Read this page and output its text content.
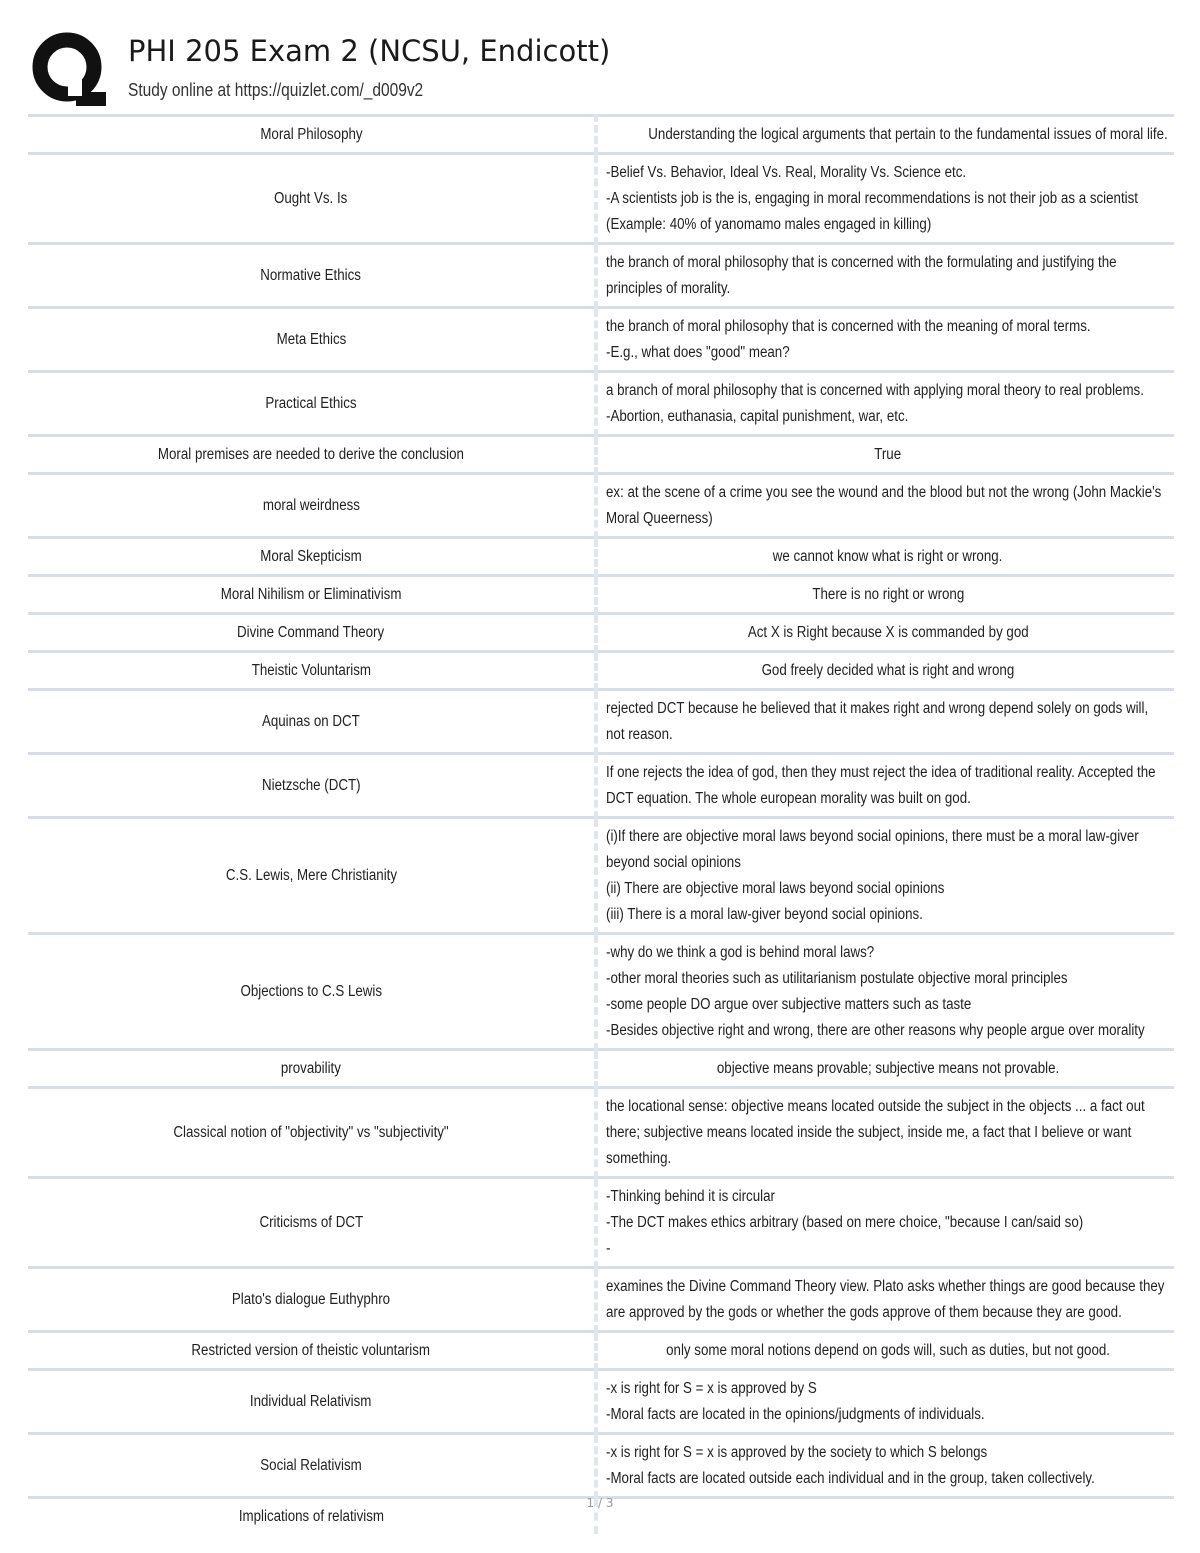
PHI 205 Exam 2 (NCSU, Endicott)
Study online at https://quizlet.com/_d009v2
Moral Philosophy	Understanding the logical arguments that pertain to the fundamental issues of moral life.
Ought Vs. Is	-Belief Vs. Behavior, Ideal Vs. Real, Morality Vs. Science etc.
-A scientists job is the is, engaging in moral recommendations is not their job as a scientist
(Example: 40% of yanomamo males engaged in killing)
Normative Ethics	the branch of moral philosophy that is concerned with the formulating and justifying the
principles of morality.
Meta Ethics	the branch of moral philosophy that is concerned with the meaning of moral terms.
-E.g., what does "good" mean?
Practical Ethics	a branch of moral philosophy that is concerned with applying moral theory to real problems.
-Abortion, euthanasia, capital punishment, war, etc.
Moral premises are needed to derive the conclusion	True
moral weirdness	ex: at the scene of a crime you see the wound and the blood but not the wrong (John Mackie's
Moral Queerness)
Moral Skepticism	we cannot know what is right or wrong.
Moral Nihilism or Eliminativism	There is no right or wrong
Divine Command Theory	Act X is Right because X is commanded by god
Theistic Voluntarism	God freely decided what is right and wrong
Aquinas on DCT	rejected DCT because he believed that it makes right and wrong depend solely on gods will,
not reason.
Nietzsche (DCT)	If one rejects the idea of god, then they must reject the idea of traditional reality. Accepted the
DCT equation. The whole european morality was built on god.
C.S. Lewis, Mere Christianity	(i)If there are objective moral laws beyond social opinions, there must be a moral law-giver
beyond social opinions
(ii) There are objective moral laws beyond social opinions
(iii) There is a moral law-giver beyond social opinions.
Objections to C.S Lewis	-why do we think a god is behind moral laws?
-other moral theories such as utilitarianism postulate objective moral principles
-some people DO argue over subjective matters such as taste
-Besides objective right and wrong, there are other reasons why people argue over morality
provability	objective means provable; subjective means not provable.
Classical notion of "objectivity" vs "subjectivity"	the locational sense: objective means located outside the subject in the objects ... a fact out
there; subjective means located inside the subject, inside me, a fact that I believe or want
something.
Criticisms of DCT	-Thinking behind it is circular
-The DCT makes ethics arbitrary (based on mere choice, "because I can/said so)
-
Plato's dialogue Euthyphro	examines the Divine Command Theory view. Plato asks whether things are good because they
are approved by the gods or whether the gods approve of them because they are good.
Restricted version of theistic voluntarism	only some moral notions depend on gods will, such as duties, but not good.
Individual Relativism	-x is right for S = x is approved by S
-Moral facts are located in the opinions/judgments of individuals.
Social Relativism	-x is right for S = x is approved by the society to which S belongs
-Moral facts are located outside each individual and in the group, taken collectively.
Implications of relativism	
1 / 3
